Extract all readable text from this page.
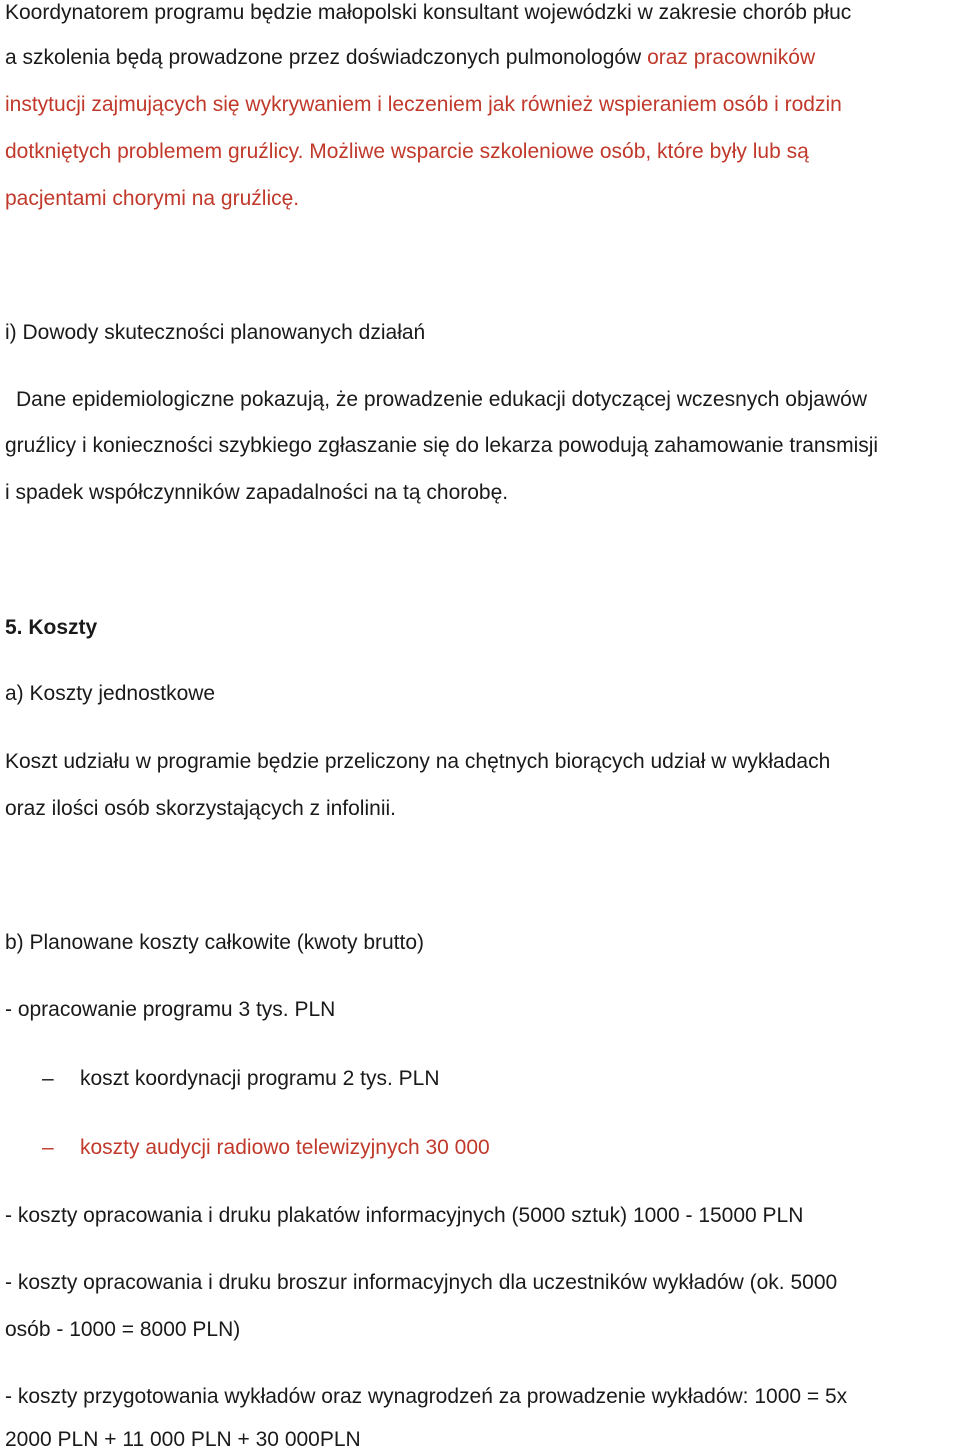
Koordynatorem programu będzie małopolski konsultant wojewódzki w zakresie chorób płuc
a szkolenia będą prowadzone przez doświadczonych pulmonologów oraz pracowników
instytucji zajmujących się wykrywaniem i leczeniem jak również wspieraniem osób i rodzin
dotkniętych problemem gruźlicy. Możliwe wsparcie szkoleniowe osób, które były lub są
pacjentami chorymi na gruźlicę.
i) Dowody skuteczności planowanych działań
Dane epidemiologiczne pokazują, że prowadzenie edukacji dotyczącej wczesnych objawów
gruźlicy i konieczności szybkiego zgłaszanie się do lekarza powodują zahamowanie transmisji
i spadek współczynników zapadalności na tą chorobę.
5. Koszty
a) Koszty jednostkowe
Koszt udziału w programie będzie przeliczony na chętnych biorących udział w wykładach
oraz ilości osób skorzystających z infolinii.
b) Planowane koszty całkowite (kwoty brutto)
- opracowanie programu 3 tys. PLN
– koszt koordynacji programu 2 tys. PLN
– koszty audycji radiowo telewizyjnych 30 000
- koszty opracowania i druku plakatów informacyjnych (5000 sztuk) 1000 - 15000 PLN
- koszty opracowania i druku broszur informacyjnych dla uczestników wykładów (ok. 5000
osób - 1000 = 8000 PLN)
- koszty przygotowania wykładów oraz wynagrodzeń za prowadzenie wykładów: 1000 = 5x
2000 PLN + 11 000 PLN + 30 000PLN
